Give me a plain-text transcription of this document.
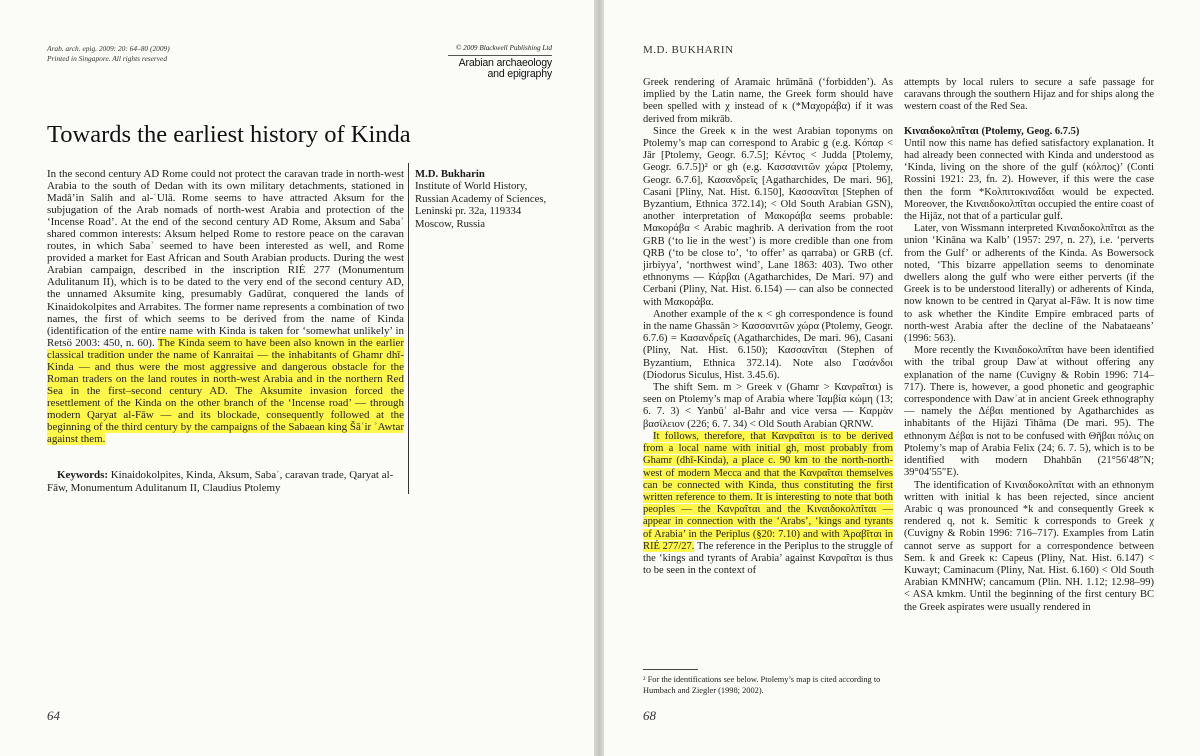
Arab. arch. epig. 2009: 20: 64–80 (2009)
Printed in Singapore. All rights reserved
© 2009 Blackwell Publishing Ltd
Arabian archaeology
and epigraphy
Towards the earliest history of Kinda
In the second century AD Rome could not protect the caravan trade in north-west Arabia to the south of Dedan with its own military detachments, stationed in Madā’in Salih and al-ʿUlā. Rome seems to have attracted Aksum for the subjugation of the Arab nomads of north-west Arabia and protection of the ‘Incense Road’. At the end of the second century AD Rome, Aksum and Sabaʾ shared common interests: Aksum helped Rome to restore peace on the caravan routes, in which Sabaʾ seemed to have been interested as well, and Rome provided a market for East African and South Arabian products. During the west Arabian campaign, described in the inscription RIÉ 277 (Monumentum Adulitanum II), which is to be dated to the very end of the second century AD, the unnamed Aksumite king, presumably Gadūrat, conquered the lands of Kinaidokolpites and Arrabites. The former name represents a combination of two names, the first of which seems to be derived from the name of Kinda (identification of the entire name with Kinda is taken for ‘somewhat unlikely’ in Retsö 2003: 450, n. 60). The Kinda seem to have been also known in the earlier classical tradition under the name of Kanraitai — the inhabitants of Ghamr dhī-Kinda — and thus were the most aggressive and dangerous obstacle for the Roman traders on the land routes in north-west Arabia and in the northern Red Sea in the first–second century AD. The Aksumite invasion forced the resettlement of the Kinda on the other branch of the ‘Incense road’ — through modern Qaryat al-Fāw — and its blockade, consequently followed at the beginning of the third century by the campaigns of the Sabaean king Šāʿir ʾAwtar against them.
Keywords: Kinaidokolpites, Kinda, Aksum, Sabaʾ, caravan trade, Qaryat al-Fāw, Monumentum Adulitanum II, Claudius Ptolemy
M.D. Bukharin
Institute of World History,
Russian Academy of Sciences,
Leninski pr. 32a, 119334
Moscow, Russia
64
M.D. BUKHARIN

Greek rendering of Aramaic hrūmānā (‘forbidden’). As implied by the Latin name, the Greek form should have been spelled with χ instead of κ (*Μαχοράβα) if it was derived from mikrāb.

Since the Greek κ in the west Arabian toponyms on Ptolemy’s map can correspond to Arabic g (e.g. Κόπαρ < Jār [Ptolemy, Geogr. 6.7.5]; Κέντος < Judda [Ptolemy, Geogr. 6.7.5])² or gh (e.g. Κασσανιτῶν χώρα [Ptolemy, Geogr. 6.7.6], Κασανδρεῖς [Agatharchides, De mari. 96], Casani [Pliny, Nat. Hist. 6.150], Κασσανῖται [Stephen of Byzantium, Ethnica 372.14); < Old South Arabian GSN), another interpretation of Μακοράβα seems probable: Μακοράβα < Arabic maghrib. A derivation from the root GRB (‘to lie in the west’) is more credible than one from QRB (‘to be close to’, ‘to offer’ as qarraba) or GRB (cf. jirbiyya’, ‘northwest wind’, Lane 1863: 403). Two other ethnonyms — Κάρβαι (Agatharchides, De Mari. 97) and Cerbani (Pliny, Nat. Hist. 6.154) — can also be connected with Μακοράβα.

Another example of the κ < gh correspondence is found in the name Ghassān > Κασσανιτῶν χώρα (Ptolemy, Geogr. 6.7.6) = Κασανδρεῖς (Agatharchides, De mari. 96), Casani (Pliny, Nat. Hist. 6.150); Κασσανῖται (Stephen of Byzantium, Ethnica 372.14). Note also Γασάνδοι (Diodorus Siculus, Hist. 3.45.6).

The shift Sem. m > Greek ν (Ghamr > Κανραῖται) is seen on Ptolemy’s map of Arabia where Ἰαμβία κώμη (13; 6. 7. 3) < Yanbūʿ al-Bahr and vice versa — Καρμὰν βασίλειον (226; 6. 7. 34) < Old South Arabian QRNW.

It follows, therefore, that Κανραῖται is to be derived from a local name with initial gh, most probably from Ghamr (dhī-Kinda), a place c. 90 km to the north-north-west of modern Mecca and that the Κανραῖται themselves can be connected with Kinda, thus constituting the first written reference to them. It is interesting to note that both peoples — the Κανραῖται and the Κιναιδοκολπῖται — appear in connection with the ‘Arabs’, ‘kings and tyrants of Arabia’ in the Periplus (§20: 7.10) and with Ἀραβῖται in RIÉ 277/27. The reference in the Periplus to the struggle of the ‘kings and tyrants of Arabia’ against Κανραῖται is thus to be seen in the context of

² For the identifications see below. Ptolemy’s map is cited according to Humbach and Ziegler (1998; 2002).

attempts by local rulers to secure a safe passage for caravans through the southern Hijaz and for ships along the western coast of the Red Sea.

Κιναιδοκολπῖται (Ptolemy, Geog. 6.7.5)

Until now this name has defied satisfactory explanation. It had already been connected with Kinda and understood as ‘Kinda, living on the shore of the gulf (κόλπος)’ (Conti Rossini 1921: 23, fn. 2). However, if this were the case then the form *Κολπιτοκιναΐδαι would be expected. Moreover, the Κιναιδοκολπῖται occupied the entire coast of the Hijāz, not that of a particular gulf.

Later, von Wissmann interpreted Κιναιδοκολπῖται as the union ‘Kināna wa Kalb’ (1957: 297, n. 27), i.e. ‘perverts from the Gulf’ or adherents of the Kinda. As Bowersock noted, ‘This bizarre appellation seems to denominate dwellers along the gulf who were either perverts (if the Greek is to be understood literally) or adherents of Kinda, now known to be centred in Qaryat al-Fāw. It is now time to ask whether the Kindite Empire embraced parts of north-west Arabia after the decline of the Nabataeans’ (1996: 563).

More recently the Κιναιδοκολπῖται have been identified with the tribal group Dawʾat without offering any explanation of the name (Cuvigny & Robin 1996: 714–717). There is, however, a good phonetic and geographic correspondence with Dawʾat in ancient Greek ethnography — namely the Δέβαι mentioned by Agatharchides as inhabitants of the Hijāzi Tihāma (De mari. 95). The ethnonym Δέβαι is not to be confused with Θῆβαι πόλις on Ptolemy’s map of Arabia Felix (24; 6. 7. 5), which is to be identified with modern Dhahbān (21°56′48″N; 39°04′55″E).

The identification of Κιναιδοκολπῖται with an ethnonym written with initial k has been rejected, since ancient Arabic q was pronounced *k and consequently Greek κ rendered q, not k. Semitic k corresponds to Greek χ (Cuvigny & Robin 1996: 716–717). Examples from Latin cannot serve as support for a correspondence between Sem. k and Greek κ: Capeus (Pliny, Nat. Hist. 6.147) < Kuwayt; Caminacum (Pliny, Nat. Hist. 6.160) < Old South Arabian KMNHW; cancamum (Plin. NH. 1.12; 12.98–99) < ASA kmkm. Until the beginning of the first century BC the Greek aspirates were usually rendered in

68
